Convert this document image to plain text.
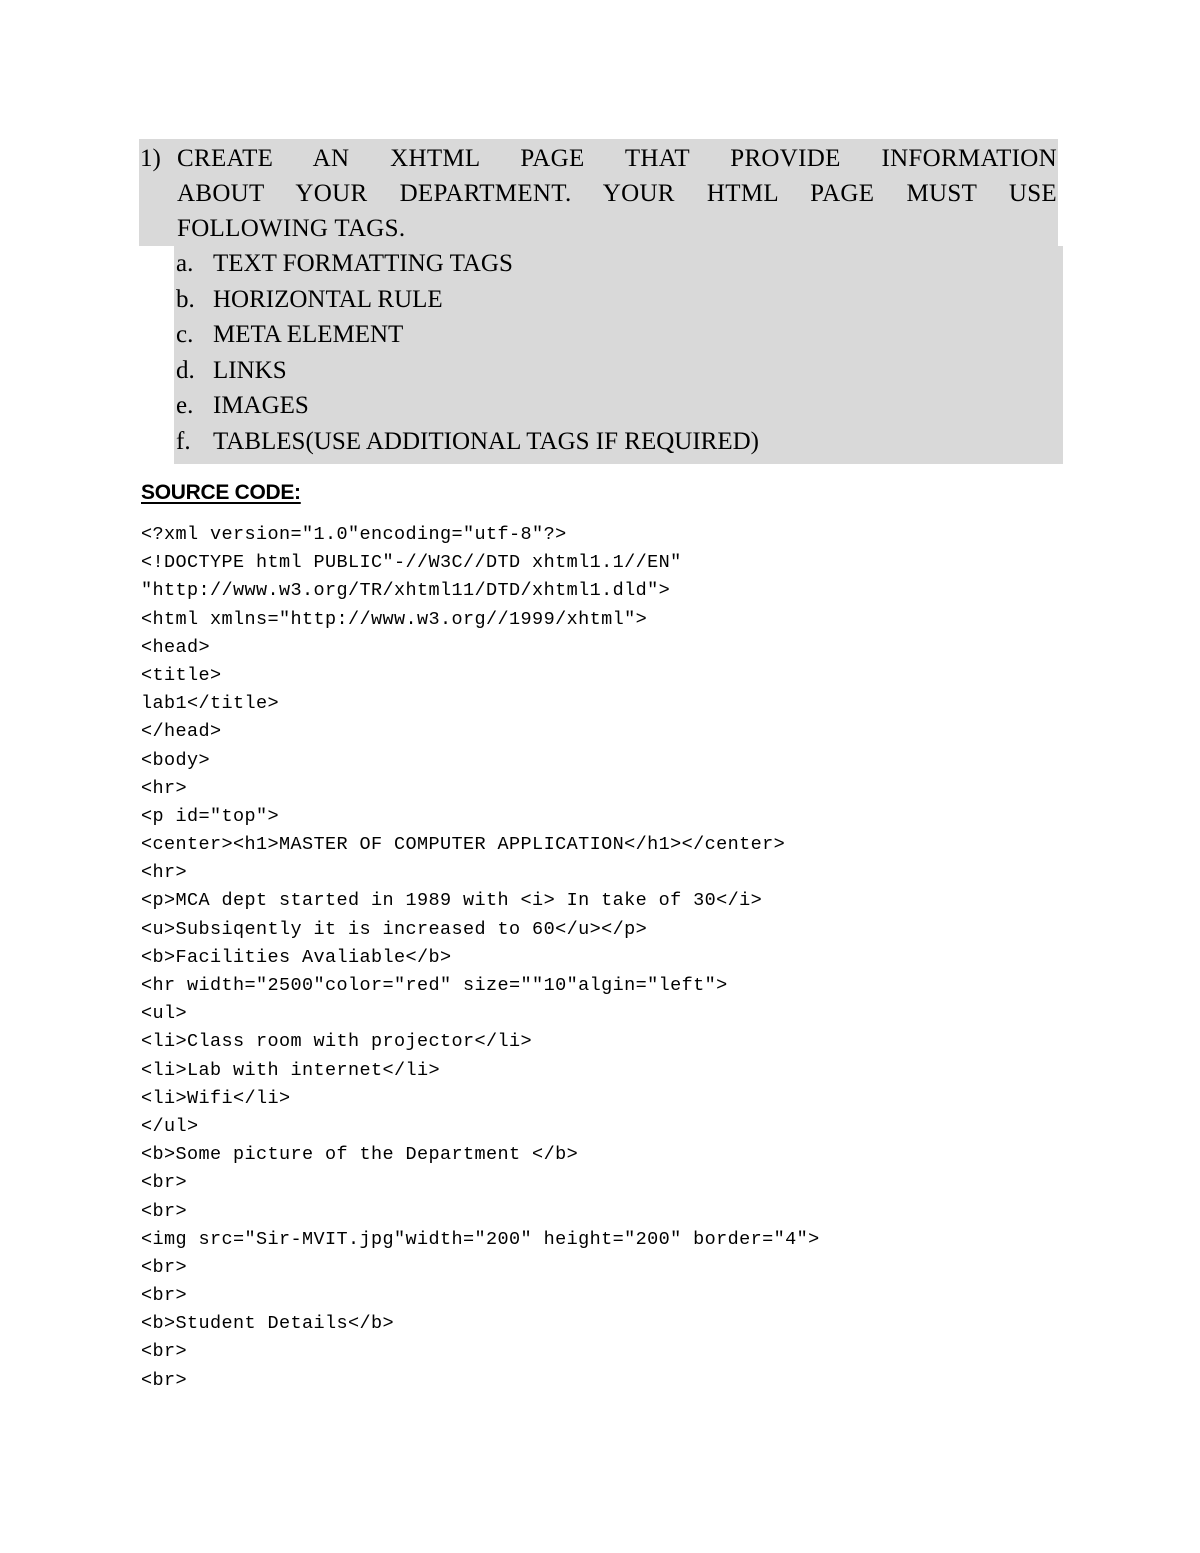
1) CREATE AN XHTML PAGE THAT PROVIDE INFORMATION
ABOUT YOUR DEPARTMENT. YOUR HTML PAGE MUST USE
FOLLOWING TAGS.
a. TEXT FORMATTING TAGS
b. HORIZONTAL RULE
c. META ELEMENT
d. LINKS
e. IMAGES
f. TABLES(USE ADDITIONAL TAGS IF REQUIRED)
SOURCE CODE:
<?xml version="1.0"encoding="utf-8"?>
<!DOCTYPE html PUBLIC"-//W3C//DTD xhtml1.1//EN"
"http://www.w3.org/TR/xhtml11/DTD/xhtml1.dld">
<html xmlns="http://www.w3.org//1999/xhtml">
<head>
<title>
lab1</title>
</head>
<body>
<hr>
<p id="top">
<center><h1>MASTER OF COMPUTER APPLICATION</h1></center>
<hr>
<p>MCA dept started in 1989 with <i> In take of 30</i>
<u>Subsiqently it is increased to 60</u></p>
<b>Facilities Avaliable</b>
<hr width="2500"color="red" size=""10"algin="left">
<ul>
<li>Class room with projector</li>
<li>Lab with internet</li>
<li>Wifi</li>
</ul>
<b>Some picture of the Department </b>
<br>
<br>
<img src="Sir-MVIT.jpg"width="200" height="200" border="4">
<br>
<br>
<b>Student Details</b>
<br>
<br>
